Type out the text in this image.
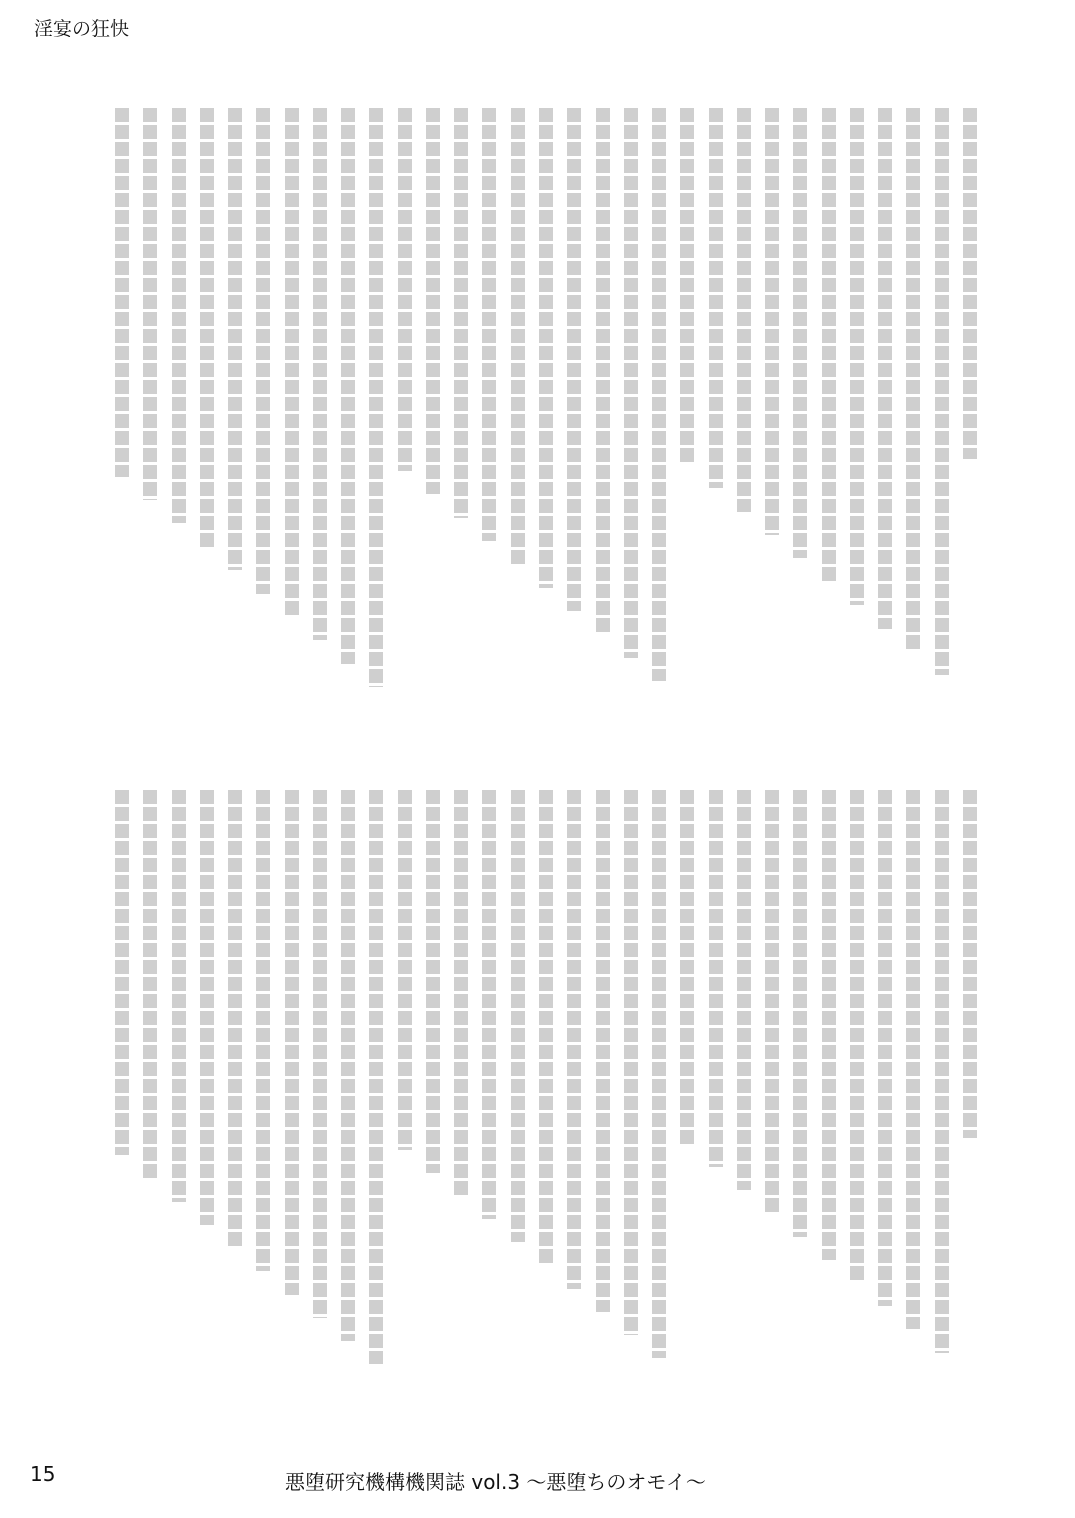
淫宴の狂快
15	悪堕研究機構機関誌 vol.3 ～悪堕ちのオモイ～
